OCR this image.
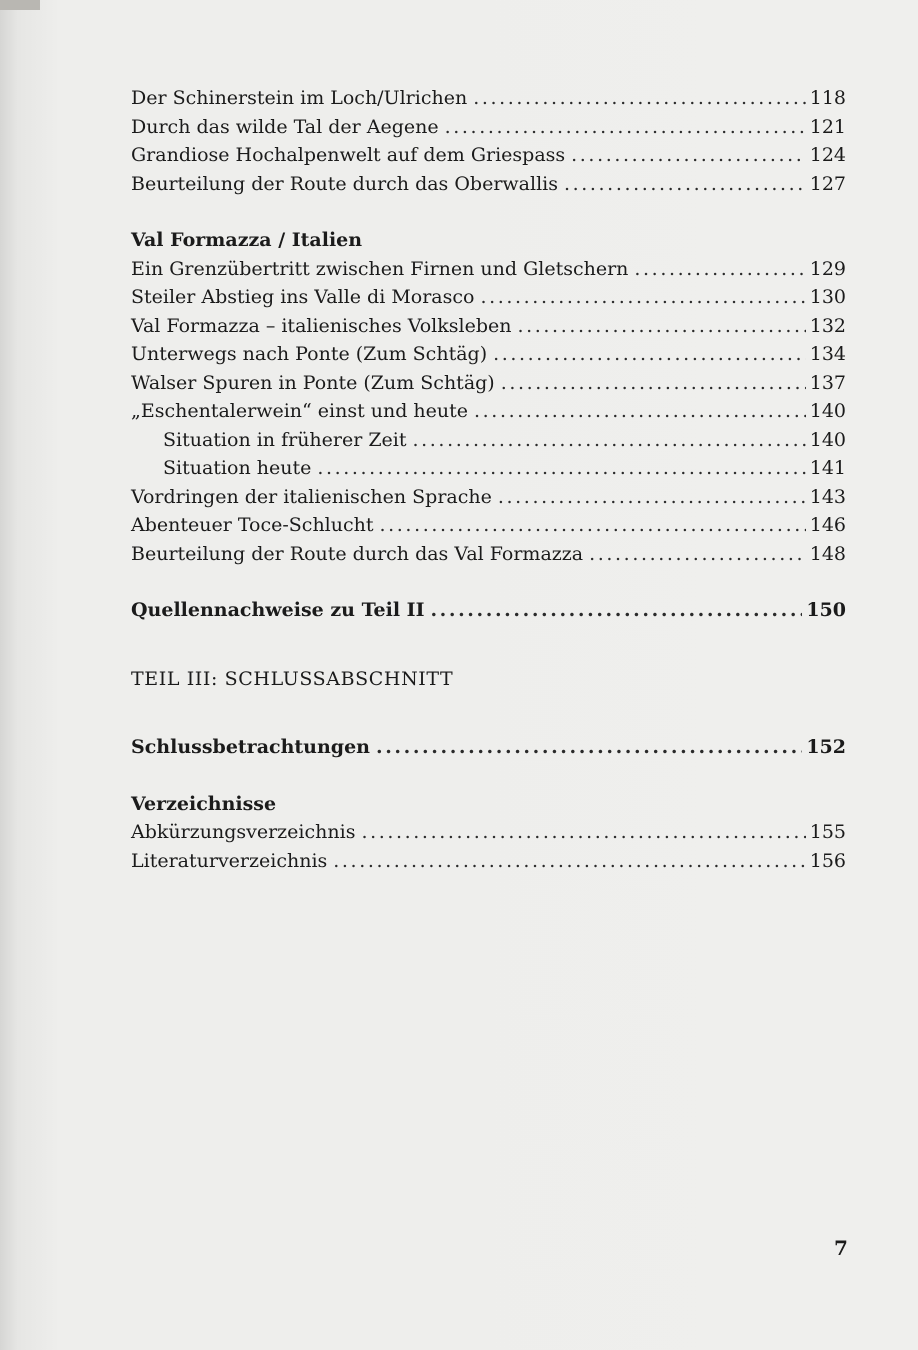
Der Schinerstein im Loch/Ulrichen .....	118
Durch das wilde Tal der Aegene .....	121
Grandiose Hochalpenwelt auf dem Griespass .....	124
Beurteilung der Route durch das Oberwallis .....	127
Val Formazza / Italien
Ein Grenzübertritt zwischen Firnen und Gletschern .....	129
Steiler Abstieg ins Valle di Morasco .....	130
Val Formazza – italienisches Volksleben .....	132
Unterwegs nach Ponte (Zum Schtäg) .....	134
Walser Spuren in Ponte (Zum Schtäg) .....	137
„Eschentalerwein“ einst und heute .....	140
Situation in früherer Zeit .....	140
Situation heute .....	141
Vordringen der italienischen Sprache .....	143
Abenteuer Toce-Schlucht .....	146
Beurteilung der Route durch das Val Formazza .....	148
Quellennachweise zu Teil II .....	150
TEIL III: SCHLUSSABSCHNITT
Schlussbetrachtungen .....	152
Verzeichnisse
Abkürzungsverzeichnis .....	155
Literaturverzeichnis .....	156
7
